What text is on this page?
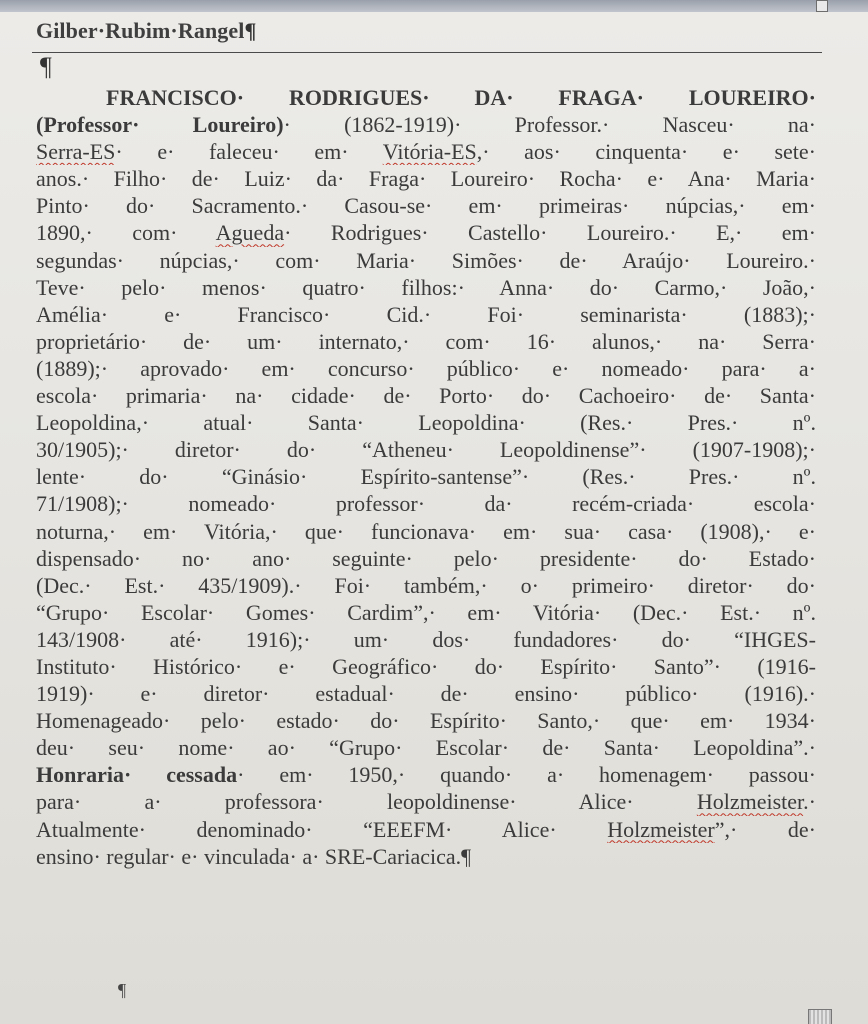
Gilber·Rubim·Rangel¶
¶
FRANCISCO· RODRIGUES· DA· FRAGA· LOUREIRO·
(Professor· Loureiro)· (1862-1919)· Professor.· Nasceu· na·
Serra-ES· e· faleceu· em· Vitória-ES,· aos· cinquenta· e· sete·
anos.· Filho· de· Luiz· da· Fraga· Loureiro· Rocha· e· Ana· Maria·
Pinto· do· Sacramento.· Casou-se· em· primeiras· núpcias,· em·
1890,· com· Agueda· Rodrigues· Castello· Loureiro.· E,· em·
segundas· núpcias,· com· Maria· Simões· de· Araújo· Loureiro.·
Teve· pelo· menos· quatro· filhos:· Anna· do· Carmo,· João,·
Amélia· e· Francisco· Cid.· Foi· seminarista· (1883);·
proprietário· de· um· internato,· com· 16· alunos,· na· Serra·
(1889);· aprovado· em· concurso· público· e· nomeado· para· a·
escola· primaria· na· cidade· de· Porto· do· Cachoeiro· de· Santa·
Leopoldina,· atual· Santa· Leopoldina· (Res.· Pres.· nº.
30/1905);· diretor· do· “Atheneu· Leopoldinense”· (1907-1908);·
lente· do· “Ginásio· Espírito-santense”· (Res.· Pres.· nº.
71/1908);· nomeado· professor· da· recém-criada· escola·
noturna,· em· Vitória,· que· funcionava· em· sua· casa· (1908),· e·
dispensado· no· ano· seguinte· pelo· presidente· do· Estado·
(Dec.· Est.· 435/1909).· Foi· também,· o· primeiro· diretor· do·
“Grupo· Escolar· Gomes· Cardim”,· em· Vitória· (Dec.· Est.· nº.
143/1908· até· 1916);· um· dos· fundadores· do· “IHGES-
Instituto· Histórico· e· Geográfico· do· Espírito· Santo”· (1916-
1919)· e· diretor· estadual· de· ensino· público· (1916).·
Homenageado· pelo· estado· do· Espírito· Santo,· que· em· 1934·
deu· seu· nome· ao· “Grupo· Escolar· de· Santa· Leopoldina”.·
Honraria· cessada· em· 1950,· quando· a· homenagem· passou·
para· a· professora· leopoldinense· Alice· Holzmeister.·
Atualmente· denominado· “EEEFM· Alice· Holzmeister”,· de·
ensino· regular· e· vinculada· a· SRE-Cariacica.¶
¶
